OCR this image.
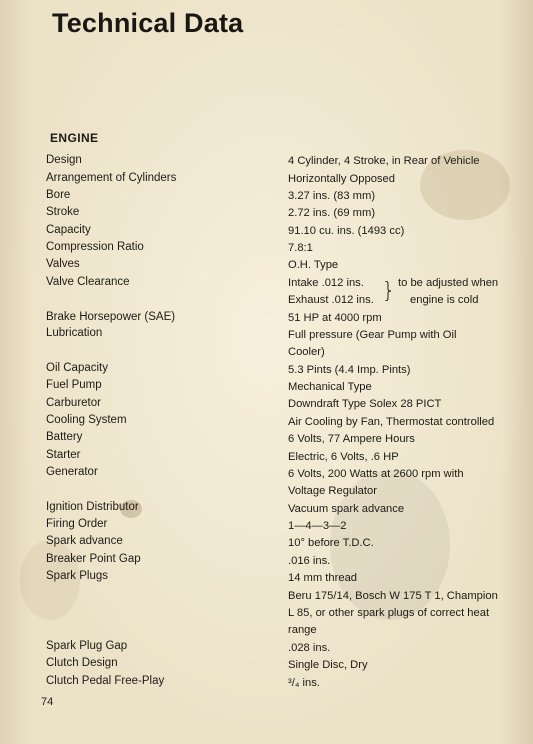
Technical Data
ENGINE
Design
Arrangement of Cylinders
Bore
Stroke
Capacity
Compression Ratio
Valves
Valve Clearance
Brake Horsepower (SAE)
Lubrication
Oil Capacity
Fuel Pump
Carburetor
Cooling System
Battery
Starter
Generator
Ignition Distributor
Firing Order
Spark advance
Breaker Point Gap
Spark Plugs
Spark Plug Gap
Clutch Design
Clutch Pedal Free-Play
4 Cylinder, 4 Stroke, in Rear of Vehicle
Horizontally Opposed
3.27 ins. (83 mm)
2.72 ins. (69 mm)
91.10 cu. ins. (1493 cc)
7.8:1
O.H. Type
Intake .012 ins.
Exhaust .012 ins.
51 HP at 4000 rpm
Full pressure (Gear Pump with Oil
Cooler)
5.3 Pints (4.4 Imp. Pints)
Mechanical Type
Downdraft Type Solex 28 PICT
Air Cooling by Fan, Thermostat controlled
6 Volts, 77 Ampere Hours
Electric, 6 Volts, .6 HP
6 Volts, 200 Watts at 2600 rpm with
Voltage Regulator
Vacuum spark advance
1—4—3—2
10° before T.D.C.
.016 ins.
14 mm thread
Beru 175/14, Bosch W 175 T 1, Champion
L 85, or other spark plugs of correct heat
range
.028 ins.
Single Disc, Dry
³/₄ ins.
to be adjusted when
engine is cold
74
